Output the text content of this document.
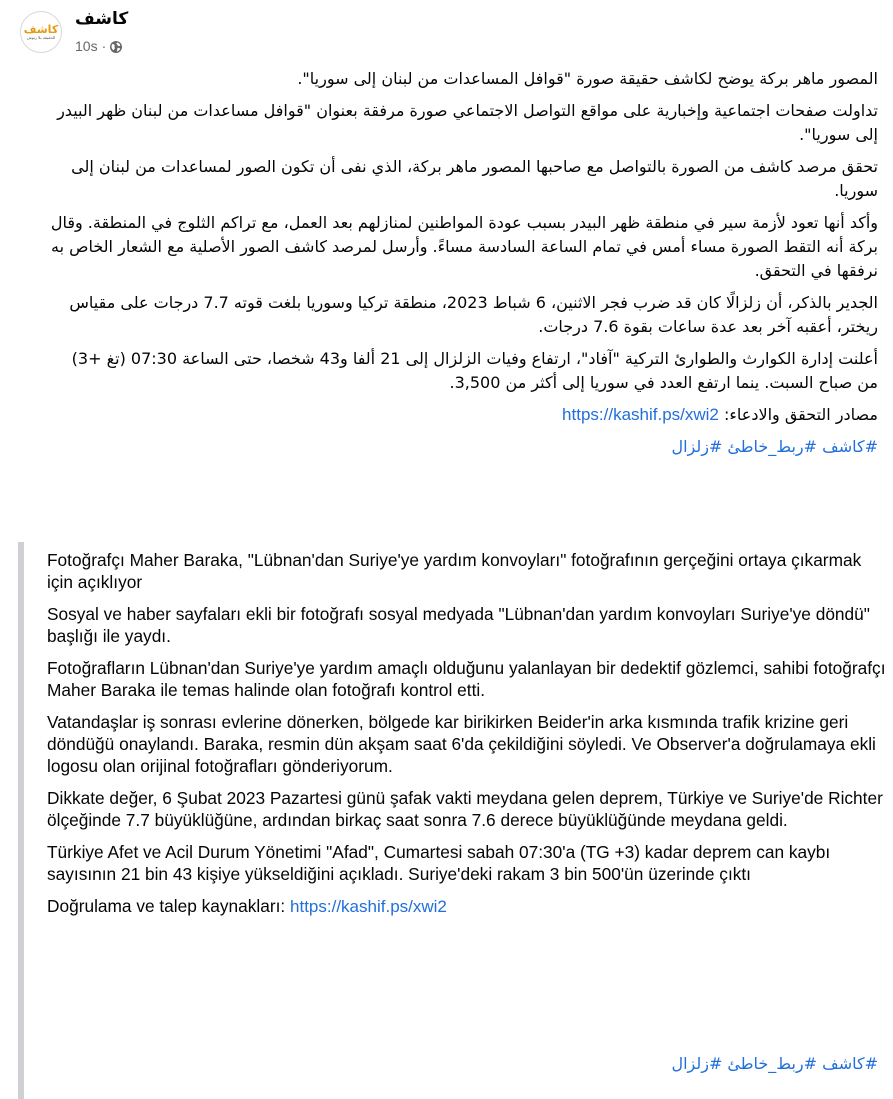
كاشف
الحقيقة بلا رتوش
كاشف
10s ·

المصور ماهر بركة يوضح لكاشف حقيقة صورة "قوافل المساعدات من لبنان إلى سوريا".

تداولت صفحات اجتماعية وإخبارية على مواقع التواصل الاجتماعي صورة مرفقة بعنوان "قوافل مساعدات من لبنان ظهر البيدر إلى سوريا".

تحقق مرصد كاشف من الصورة بالتواصل مع صاحبها المصور ماهر بركة، الذي نفى أن تكون الصور لمساعدات من لبنان إلى سوريا.

وأكد أنها تعود لأزمة سير في منطقة ظهر البيدر بسبب عودة المواطنين لمنازلهم بعد العمل، مع تراكم الثلوج في المنطقة. وقال بركة أنه التقط الصورة مساء أمس في تمام الساعة السادسة مساءً. وأرسل لمرصد كاشف الصور الأصلية مع الشعار الخاص به نرفقها في التحقق.

الجدير بالذكر، أن زلزالًا كان قد ضرب فجر الاثنين، 6 شباط 2023، منطقة تركيا وسوريا بلغت قوته 7.7 درجات على مقياس ريختر، أعقبه آخر بعد عدة ساعات بقوة 7.6 درجات.

أعلنت إدارة الكوارث والطوارئ التركية "آفاد"، ارتفاع وفيات الزلزال إلى 21 ألفا و43 شخصا، حتى الساعة 07:30 (تغ +3) من صباح السبت. ينما ارتفع العدد في سوريا إلى أكثر من 3,500.

مصادر التحقق والادعاء: https://kashif.ps/xwi2

#كاشف #ربط_خاطئ #زلزال

Fotoğrafçı Maher Baraka, "Lübnan'dan Suriye'ye yardım konvoyları" fotoğrafının gerçeğini ortaya çıkarmak için açıklıyor

Sosyal ve haber sayfaları ekli bir fotoğrafı sosyal medyada "Lübnan'dan yardım konvoyları Suriye'ye döndü" başlığı ile yaydı.

Fotoğrafların Lübnan'dan Suriye'ye yardım amaçlı olduğunu yalanlayan bir dedektif gözlemci, sahibi fotoğrafçı Maher Baraka ile temas halinde olan fotoğrafı kontrol etti.

Vatandaşlar iş sonrası evlerine dönerken, bölgede kar birikirken Beider'in arka kısmında trafik krizine geri döndüğü onaylandı. Baraka, resmin dün akşam saat 6'da çekildiğini söyledi. Ve Observer'a doğrulamaya ekli logosu olan orijinal fotoğrafları gönderiyorum.

Dikkate değer, 6 Şubat 2023 Pazartesi günü şafak vakti meydana gelen deprem, Türkiye ve Suriye'de Richter ölçeğinde 7.7 büyüklüğüne, ardından birkaç saat sonra 7.6 derece büyüklüğünde meydana geldi.

Türkiye Afet ve Acil Durum Yönetimi "Afad", Cumartesi sabah 07:30'a (TG +3) kadar deprem can kaybı sayısının 21 bin 43 kişiye yükseldiğini açıkladı. Suriye'deki rakam 3 bin 500'ün üzerinde çıktı

Doğrulama ve talep kaynakları: https://kashif.ps/xwi2

#كاشف #ربط_خاطئ #زلزال
